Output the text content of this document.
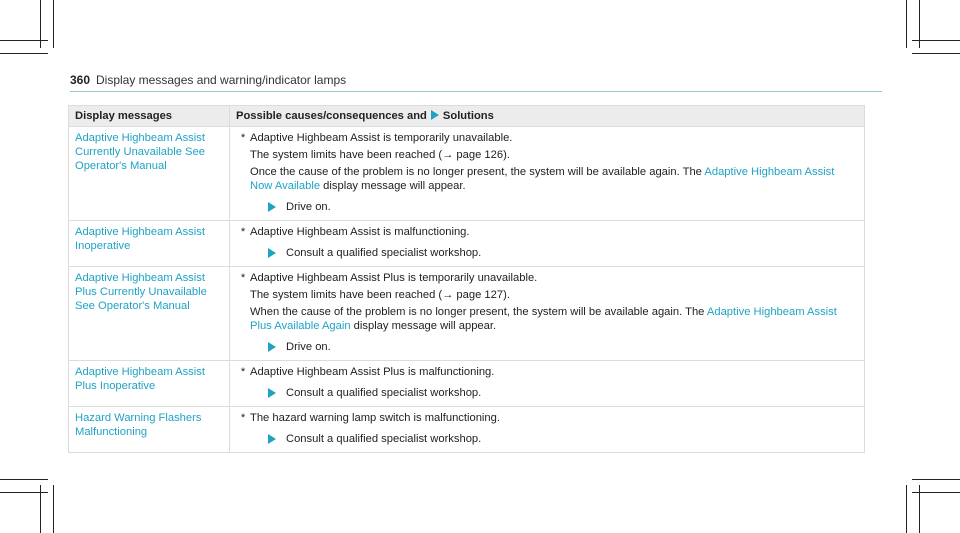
360 Display messages and warning/indicator lamps
Display messages	Possible causes/consequences and Solutions
Adaptive Highbeam Assist Currently Unavailable See Operator's Manual	* Adaptive Highbeam Assist is temporarily unavailable.
The system limits have been reached (→ page 126).
Once the cause of the problem is no longer present, the system will be available again. The Adaptive Highbeam Assist Now Available display message will appear.
Drive on.

Adaptive Highbeam Assist Inoperative	* Adaptive Highbeam Assist is malfunctioning.
Consult a qualified specialist workshop.

Adaptive Highbeam Assist Plus Currently Unavailable See Operator's Manual	* Adaptive Highbeam Assist Plus is temporarily unavailable.
The system limits have been reached (→ page 127).
When the cause of the problem is no longer present, the system will be available again. The Adaptive Highbeam Assist Plus Available Again display message will appear.
Drive on.

Adaptive Highbeam Assist Plus Inoperative	* Adaptive Highbeam Assist Plus is malfunctioning.
Consult a qualified specialist workshop.

Hazard Warning Flashers Malfunctioning	* The hazard warning lamp switch is malfunctioning.
Consult a qualified specialist workshop.
